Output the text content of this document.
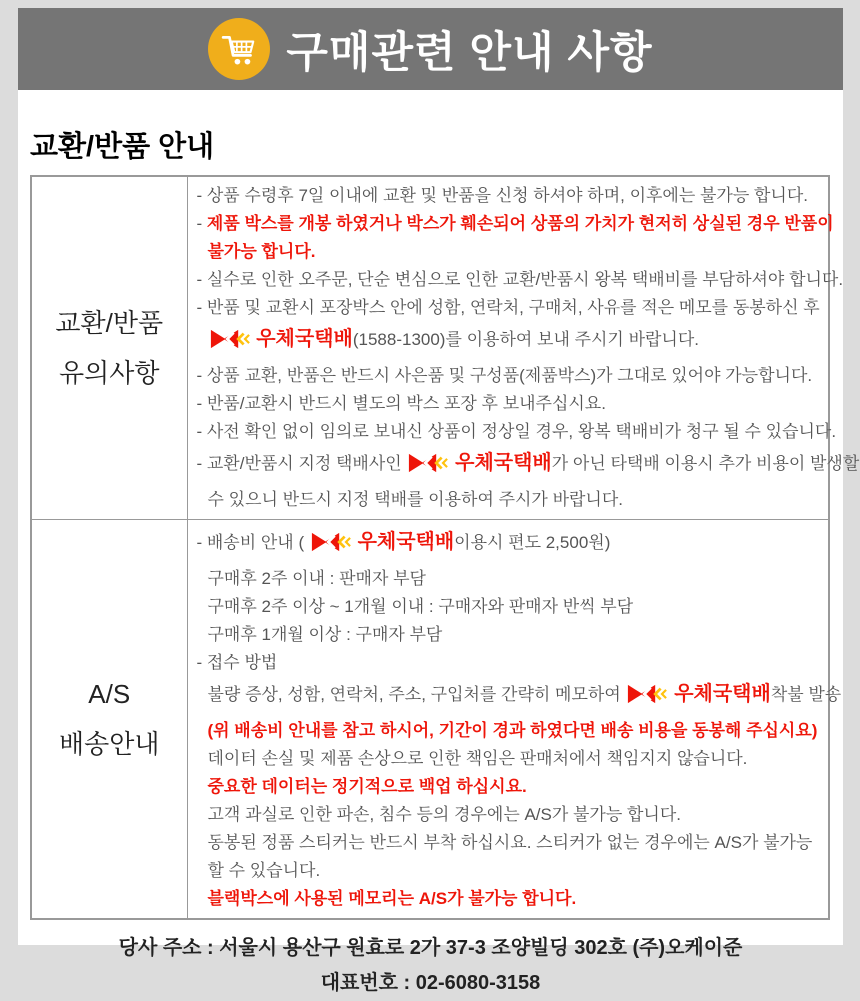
구매관련 안내 사항
교환/반품 안내
교환/반품
유의사항

- 상품 수령후 7일 이내에 교환 및 반품을 신청 하셔야 하며, 이후에는 불가능 합니다.
- 제품 박스를 개봉 하였거나 박스가 훼손되어 상품의 가치가 현저히 상실된 경우 반품이
불가능 합니다.
- 실수로 인한 오주문, 단순 변심으로 인한 교환/반품시 왕복 택배비를 부담하셔야 합니다.
- 반품 및 교환시 포장박스 안에 성함, 연락처, 구매처, 사유를 적은 메모를 동봉하신 후
우체국택배(1588-1300)를 이용하여 보내 주시기 바랍니다.
- 상품 교환, 반품은 반드시 사은품 및 구성품(제품박스)가 그대로 있어야 가능합니다.
- 반품/교환시 반드시 별도의 박스 포장 후 보내주십시요.
- 사전 확인 없이 임의로 보내신 상품이 정상일 경우, 왕복 택배비가 청구 될 수 있습니다.
- 교환/반품시 지정 택배사인  우체국택배가 아닌 타택배 이용시 추가 비용이 발생할
수 있으니 반드시 지정 택배를 이용하여 주시가 바랍니다.

A/S
배송안내

- 배송비 안내 (  우체국택배이용시 편도 2,500원)
구매후 2주 이내 : 판매자 부담
구매후 2주 이상 ~ 1개월 이내 : 구매자와 판매자 반씩 부담
구매후 1개월 이상 : 구매자 부담
- 접수 방법
불량 증상, 성함, 연락처, 주소, 구입처를 간략히 메모하여  우체국택배착불 발송
(위 배송비 안내를 참고 하시어, 기간이 경과 하였다면 배송 비용을 동봉해 주십시요)
데이터 손실 및 제품 손상으로 인한 책임은 판매처에서 책임지지 않습니다.
중요한 데이터는 정기적으로 백업 하십시요.
고객 과실로 인한 파손, 침수 등의 경우에는 A/S가 불가능 합니다.
동봉된 정품 스티커는 반드시 부착 하십시요. 스티커가 없는 경우에는 A/S가 불가능
할 수 있습니다.
블랙박스에 사용된 메모리는 A/S가 불가능 합니다.
당사 주소 : 서울시 용산구 원효로 2가 37-3 조양빌딩 302호 (주)오케이준
대표번호 : 02-6080-3158
